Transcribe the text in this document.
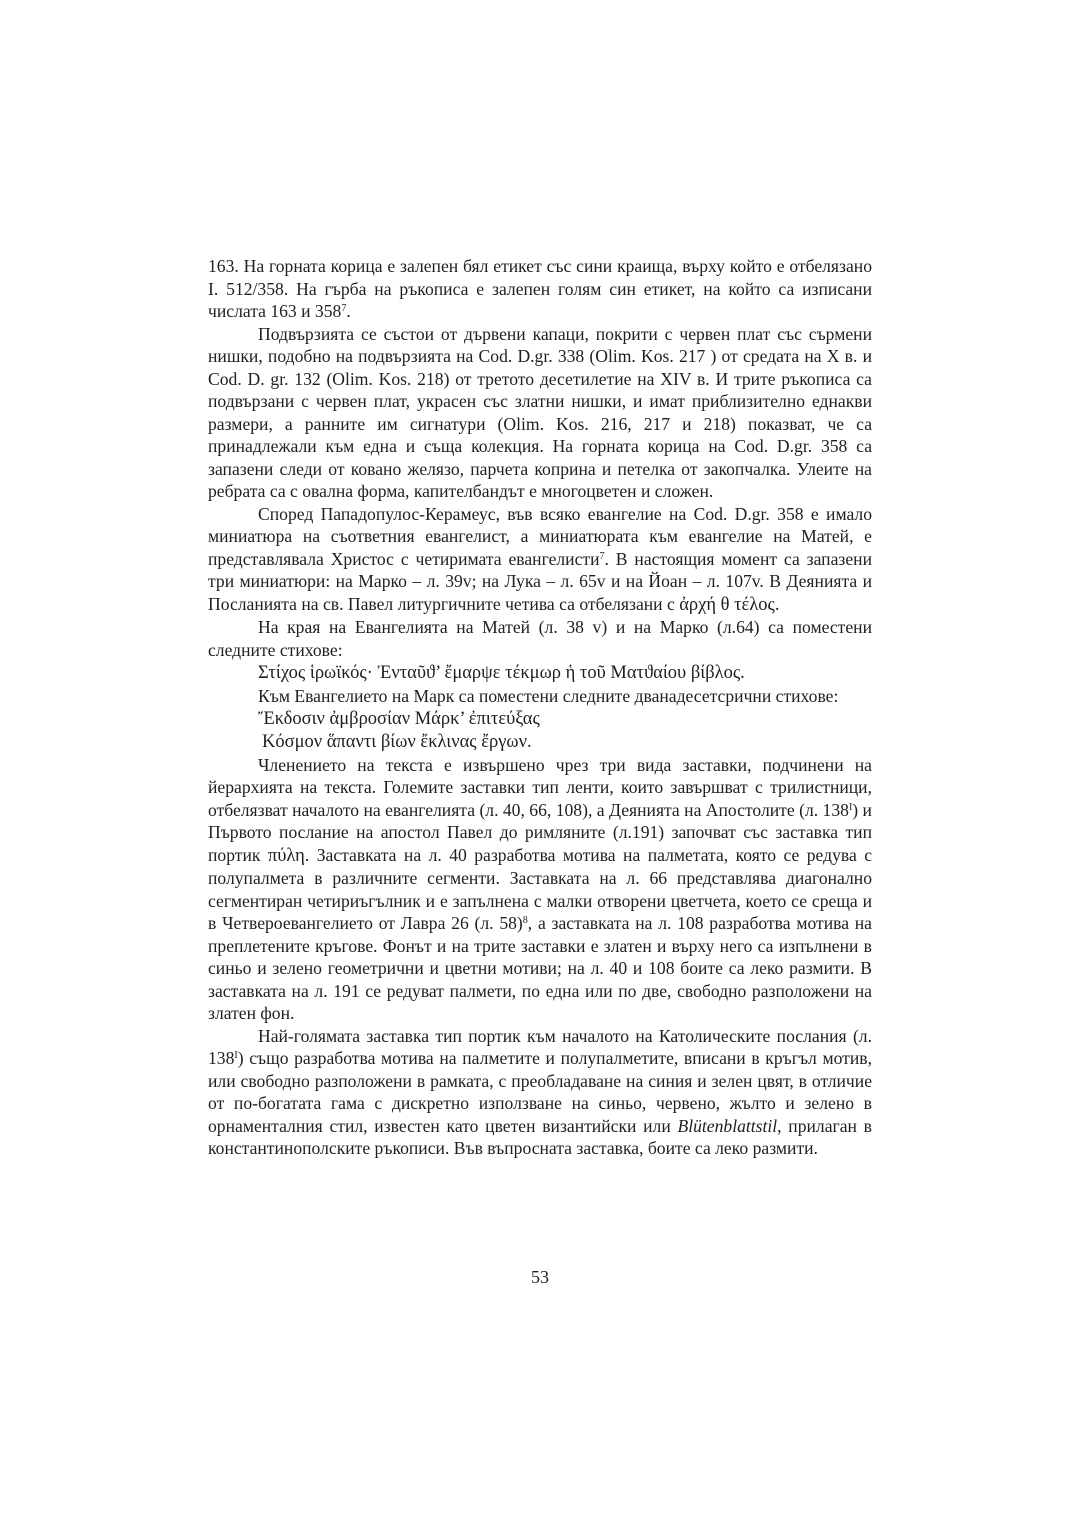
163. На горната корица е залепен бял етикет със сини краища, върху който е отбелязано I. 512/358. На гърба на ръкописа е залепен голям син етикет, на който са изписани числата 163 и $358^7$.

Подвързията се състои от дървени капаци, покрити с червен плат със сърмени нишки, подобно на подвързията на Cod. D.gr. 338 (Olim. Kos. 217 ) от средата на X в. и Cod. D. gr. 132 (Olim. Kos. 218) от третото десетилетие на XIV в. И трите ръкописа са подвързани с червен плат, украсен със златни нишки, и имат приблизително еднакви размери, а ранните им сигнатури (Olim. Kos. 216, 217 и 218) показват, че са принадлежали към една и съща колекция. На горната корица на Cod. D.gr. 358 са запазени следи от ковано желязо, парчета коприна и петелка от закопчалка. Улеите на ребрата са с овална форма, капителбандът е многоцветен и сложен.

Според Пападопулос-Керамеус, във всяко евангелие на Cod. D.gr. 358 е имало миниатюра на съответния евангелист, а миниатюрата към евангелие на Матей, е представлявала Христос с четиримата евангелисти$^7$. В настоящия момент са запазени три миниатюри: на Марко – л. 39v; на Лука – л. 65v и на Йоан – л. 107v. В Деянията и Посланията на св. Павел литургичните четива са отбелязани с ἀρχή θ τέλος.

На края на Евангелията на Матей (л. 38 v) и на Марко (л.64) са поместени следните стихове:

Στίχος ἱρωϊκός· Ἐνταῦϑ’ ἔμαρψε τέκμωρ ἡ τοῦ Ματϑαίου βίβλος.

Към Евангелието на Марк са поместени следните дванадесетсрични стихове:

Ἔκδοσιν ἀμβροσίαν Μάρκ’ ἐπιτεύξας

Κόσμον ἅπαντι βίων ἔκλινας ἔργων.

Членението на текста е извършено чрез три вида заставки, подчинени на йерархията на текста. Големите заставки тип ленти, които завършват с трилистници, отбелязват началото на евангелията (л. 40, 66, 108), а Деянията на Апостолите (л. $138^I$) и Първото послание на апостол Павел до римляните (л.191) започват със заставка тип портик πύλη. Заставката на л. 40 разработва мотива на палметата, която се редува с полупалмета в различните сегменти. Заставката на л. 66 представлява диагонално сегментиран четириъгълник и е запълнена с малки отворени цветчета, което се среща и в Четвероевангелието от Лавра 26 (л. 58)$^8$, а заставката на л. 108 разработва мотива на преплетените кръгове. Фонът и на трите заставки е златен и върху него са изпълнени в синьо и зелено геометрични и цветни мотиви; на л. 40 и 108 боите са леко размити. В заставката на л. 191 се редуват палмети, по една или по две, свободно разположени на златен фон.

Най-голямата заставка тип портик към началото на Католическите послания (л. $138^I$) също разработва мотива на палметите и полупалметите, вписани в кръгъл мотив, или свободно разположени в рамката, с преобладаване на синия и зелен цвят, в отличие от по-богатата гама с дискретно използване на синьо, червено, жълто и зелено в орнаменталния стил, известен като цветен византийски или Blütenblattstil, прилаган в константинополските ръкописи. Във въпросната заставка, боите са леко размити.

53
